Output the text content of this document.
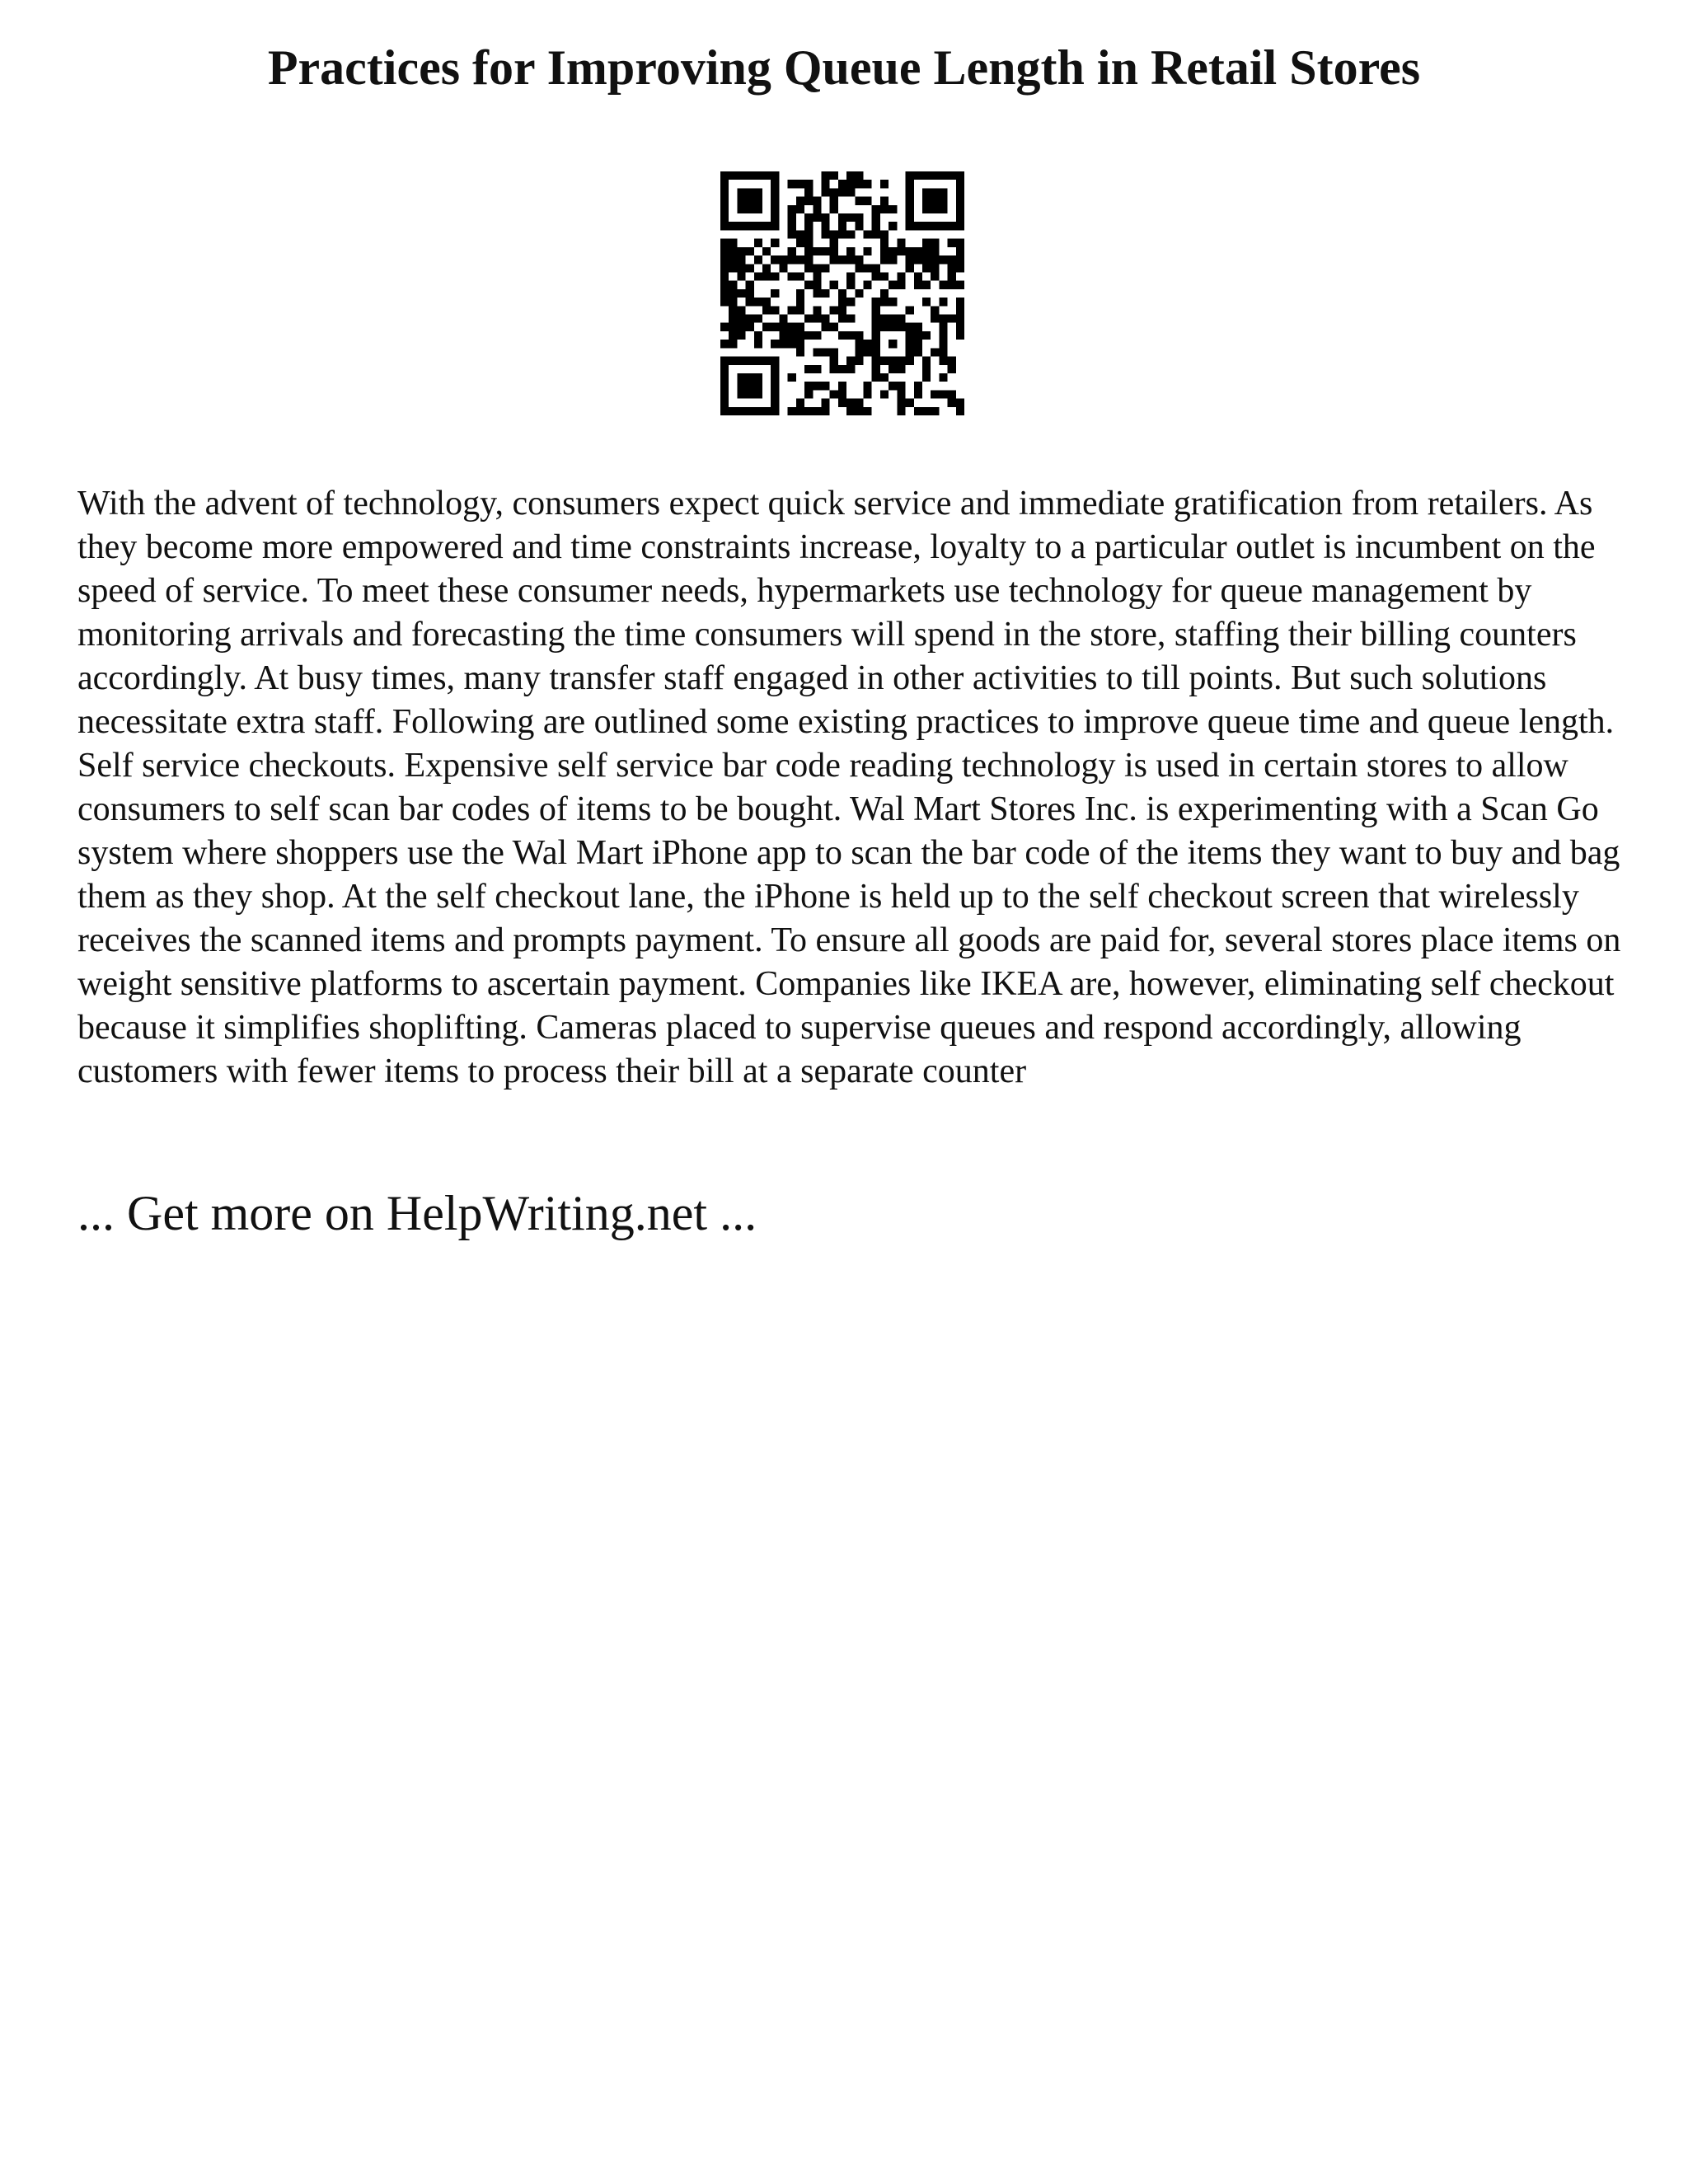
Practices for Improving Queue Length in Retail Stores

With the advent of technology, consumers expect quick service and immediate gratification from retailers. As they become more empowered and time constraints increase, loyalty to a particular outlet is incumbent on the speed of service. To meet these consumer needs, hypermarkets use technology for queue management by monitoring arrivals and forecasting the time consumers will spend in the store, staffing their billing counters accordingly. At busy times, many transfer staff engaged in other activities to till points. But such solutions necessitate extra staff. Following are outlined some existing practices to improve queue time and queue length. Self service checkouts. Expensive self service bar code reading technology is used in certain stores to allow consumers to self scan bar codes of items to be bought. Wal Mart Stores Inc. is experimenting with a Scan Go system where shoppers use the Wal Mart iPhone app to scan the bar code of the items they want to buy and bag them as they shop. At the self checkout lane, the iPhone is held up to the self checkout screen that wirelessly receives the scanned items and prompts payment. To ensure all goods are paid for, several stores place items on weight sensitive platforms to ascertain payment. Companies like IKEA are, however, eliminating self checkout because it simplifies shoplifting. Cameras placed to supervise queues and respond accordingly, allowing customers with fewer items to process their bill at a separate counter

... Get more on HelpWriting.net ...
